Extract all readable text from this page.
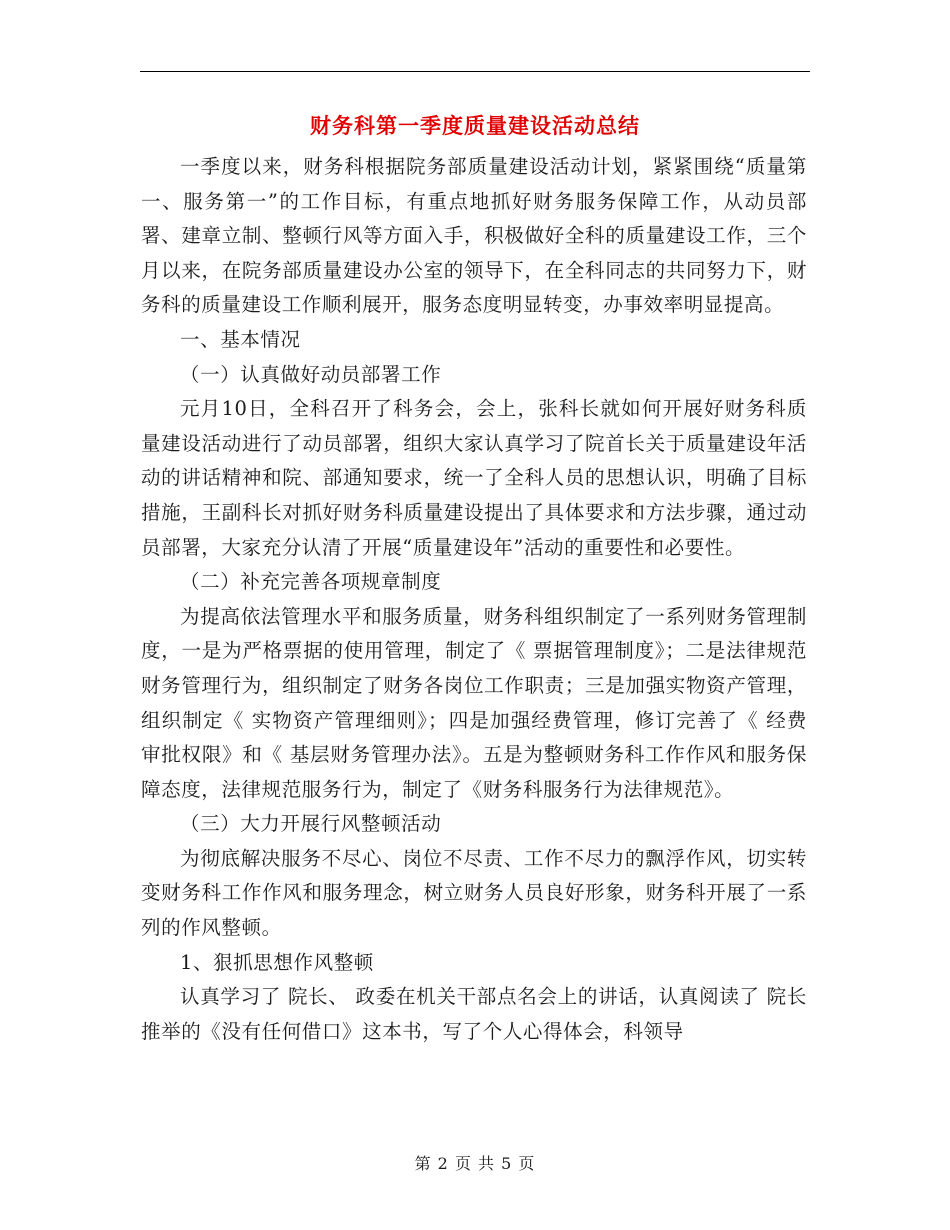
财务科第一季度质量建设活动总结

一季度以来，财务科根据院务部质量建设活动计划，紧紧围绕“质量第一、服务第一”的工作目标，有重点地抓好财务服务保障工作，从动员部署、建章立制、整顿行风等方面入手，积极做好全科的质量建设工作，三个月以来，在院务部质量建设办公室的领导下，在全科同志的共同努力下，财务科的质量建设工作顺利展开，服务态度明显转变，办事效率明显提高。

一、基本情况

（一）认真做好动员部署工作

元月10日，全科召开了科务会，会上，张科长就如何开展好财务科质量建设活动进行了动员部署，组织大家认真学习了院首长关于质量建设年活动的讲话精神和院、部通知要求，统一了全科人员的思想认识，明确了目标措施，王副科长对抓好财务科质量建设提出了具体要求和方法步骤，通过动员部署，大家充分认清了开展“质量建设年”活动的重要性和必要性。

（二）补充完善各项规章制度

为提高依法管理水平和服务质量，财务科组织制定了一系列财务管理制度，一是为严格票据的使用管理，制定了《 票据管理制度》；二是法律规范财务管理行为，组织制定了财务各岗位工作职责；三是加强实物资产管理，组织制定《 实物资产管理细则》；四是加强经费管理，修订完善了《 经费审批权限》和《 基层财务管理办法》。五是为整顿财务科工作作风和服务保障态度，法律规范服务行为，制定了《财务科服务行为法律规范》。

（三）大力开展行风整顿活动

为彻底解决服务不尽心、岗位不尽责、工作不尽力的飘浮作风，切实转变财务科工作作风和服务理念，树立财务人员良好形象，财务科开展了一系列的作风整顿。

1、狠抓思想作风整顿

认真学习了 院长、 政委在机关干部点名会上的讲话，认真阅读了 院长推举的《没有任何借口》这本书，写了个人心得体会，科领导

第 2 页 共 5 页
